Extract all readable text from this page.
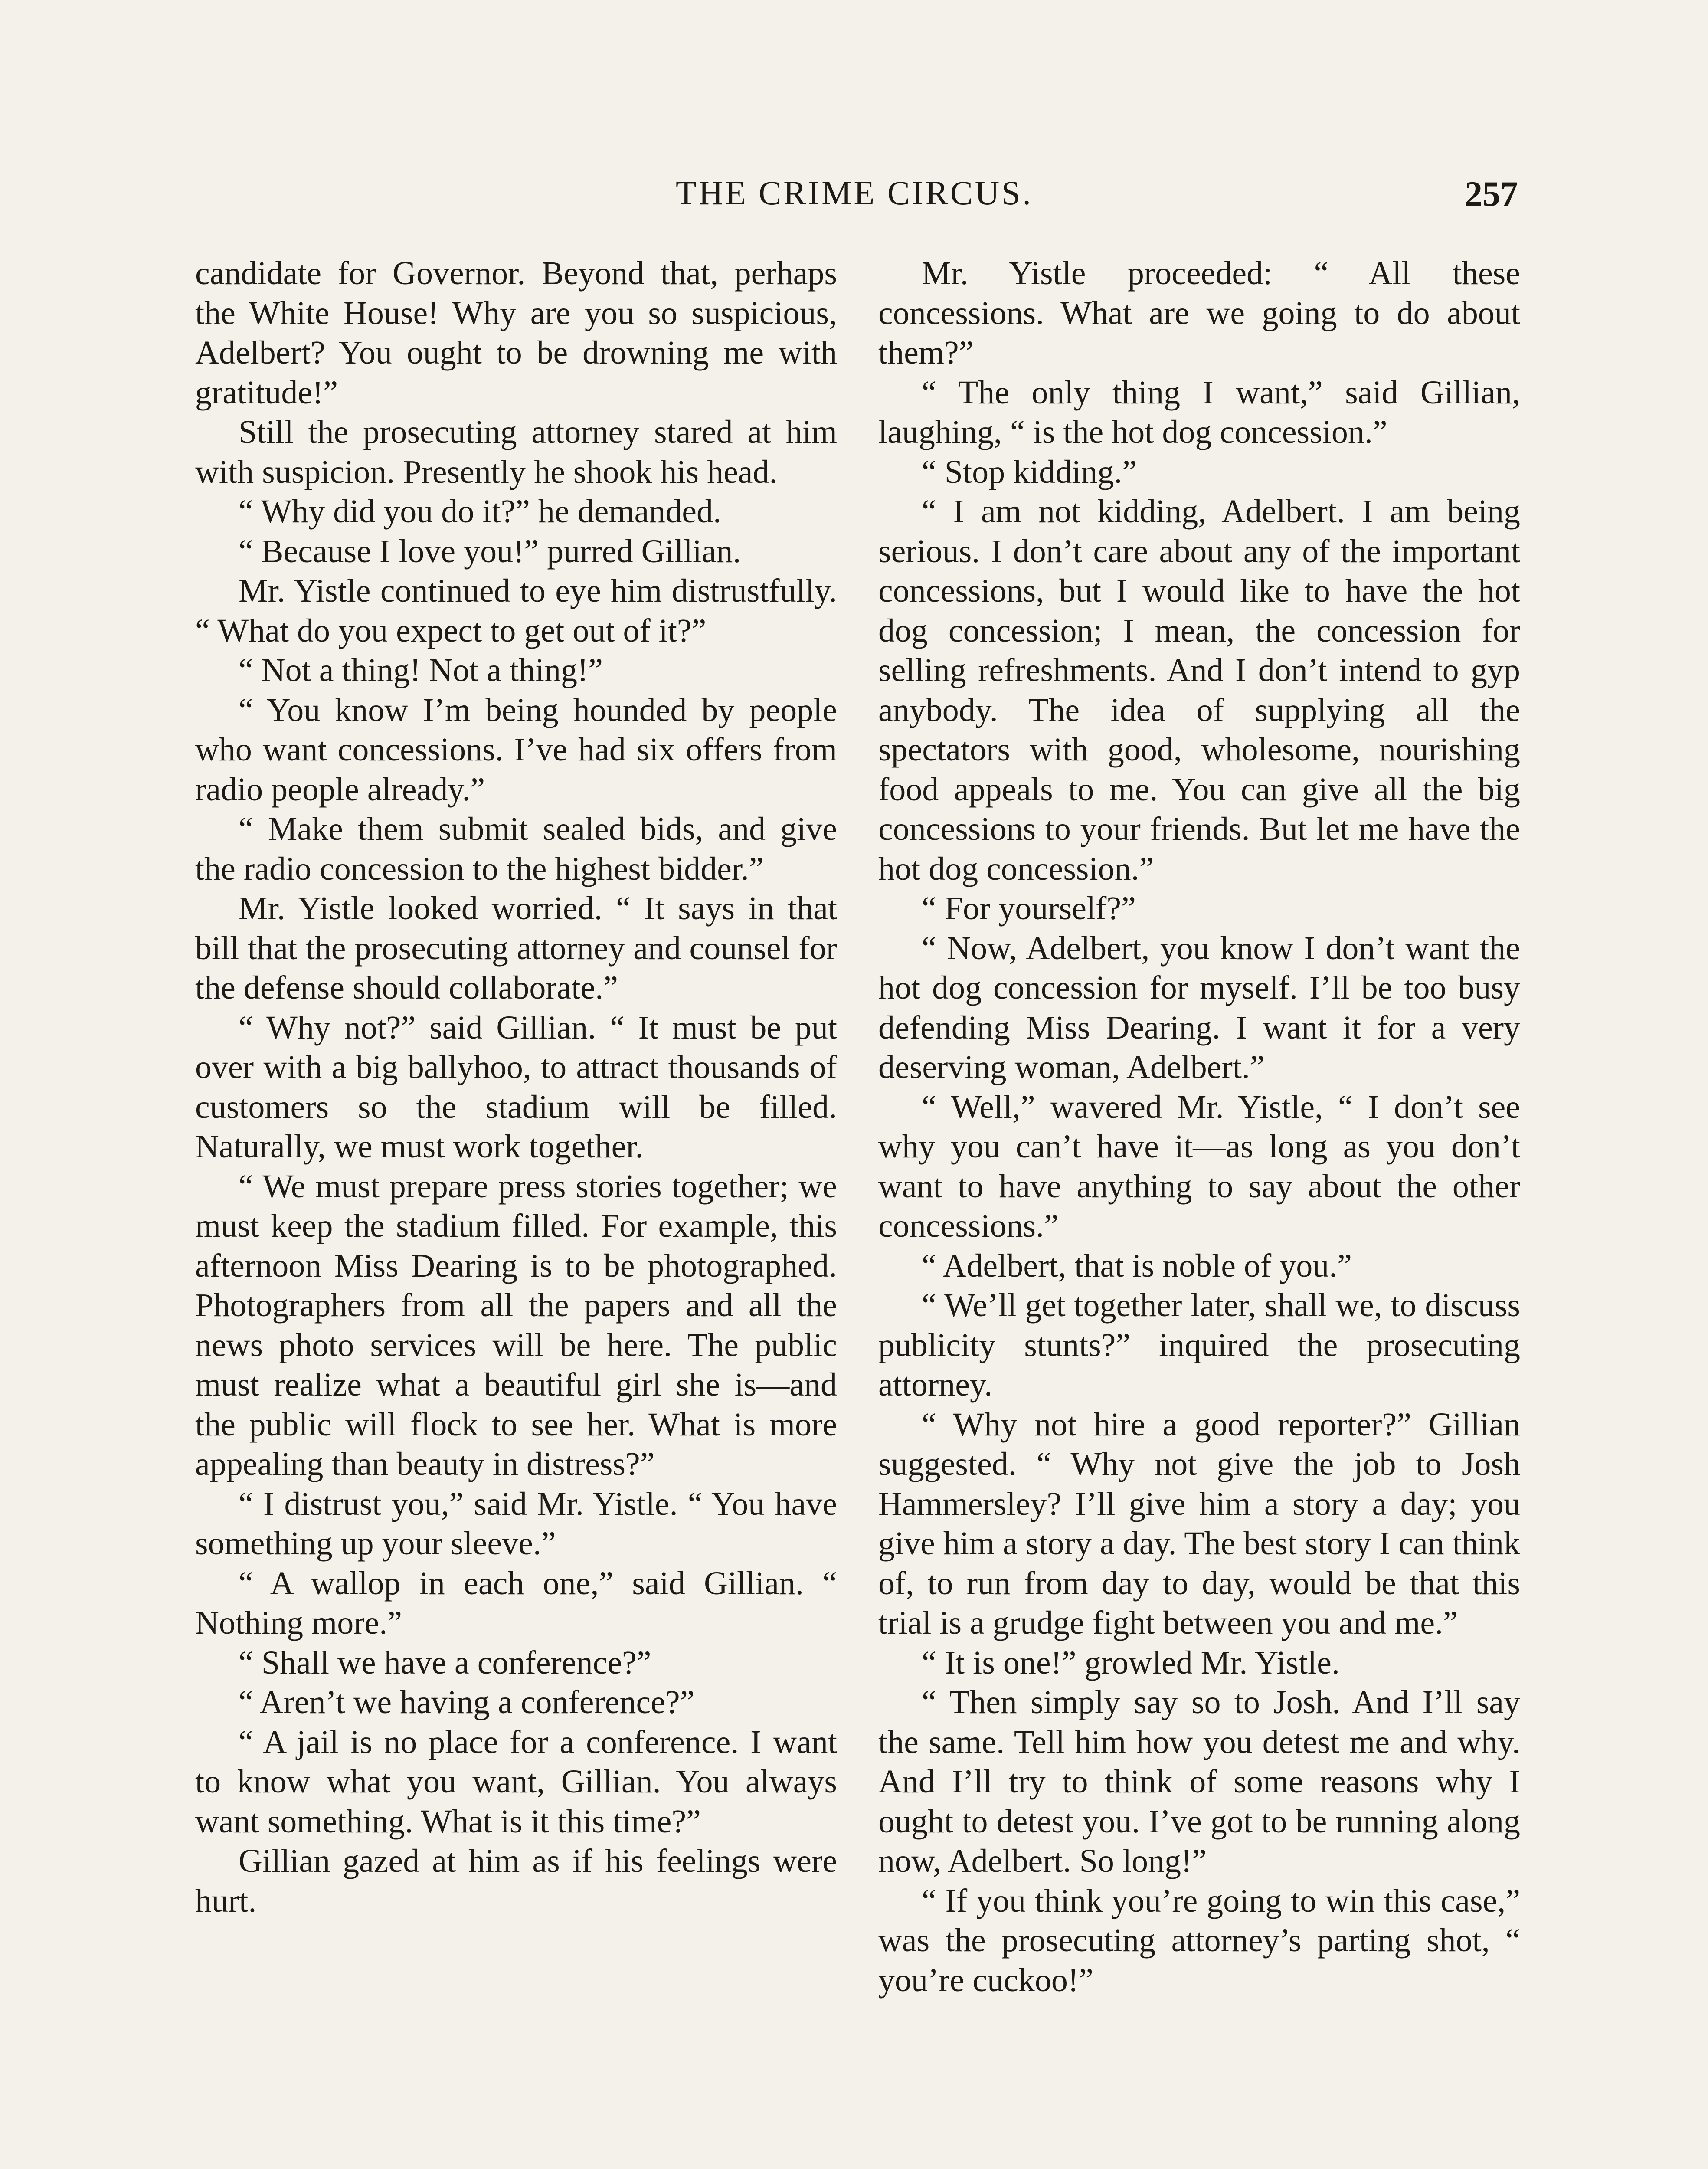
THE CRIME CIRCUS.	257

candidate for Governor. Beyond that, perhaps the White House! Why are you so suspicious, Adelbert? You ought to be drowning me with gratitude!”

Still the prosecuting attorney stared at him with suspicion. Presently he shook his head.

“ Why did you do it?” he demanded.

“ Because I love you!” purred Gillian.

Mr. Yistle continued to eye him distrustfully. “ What do you expect to get out of it?”

“ Not a thing! Not a thing!”

“ You know I’m being hounded by people who want concessions. I’ve had six offers from radio people already.”

“ Make them submit sealed bids, and give the radio concession to the highest bidder.”

Mr. Yistle looked worried. “ It says in that bill that the prosecuting attorney and counsel for the defense should collaborate.”

“ Why not?” said Gillian. “ It must be put over with a big ballyhoo, to attract thousands of customers so the stadium will be filled. Naturally, we must work together.

“ We must prepare press stories together; we must keep the stadium filled. For example, this afternoon Miss Dearing is to be photographed. Photographers from all the papers and all the news photo services will be here. The public must realize what a beautiful girl she is—and the public will flock to see her. What is more appealing than beauty in distress?”

“ I distrust you,” said Mr. Yistle. “ You have something up your sleeve.”

“ A wallop in each one,” said Gillian. “ Nothing more.”

“ Shall we have a conference?”

“ Aren’t we having a conference?”

“ A jail is no place for a conference. I want to know what you want, Gillian. You always want something. What is it this time?”

Gillian gazed at him as if his feelings were hurt.

Mr. Yistle proceeded: “ All these concessions. What are we going to do about them?”

“ The only thing I want,” said Gillian, laughing, “ is the hot dog concession.”

“ Stop kidding.”

“ I am not kidding, Adelbert. I am being serious. I don’t care about any of the important concessions, but I would like to have the hot dog concession; I mean, the concession for selling refreshments. And I don’t intend to gyp anybody. The idea of supplying all the spectators with good, wholesome, nourishing food appeals to me. You can give all the big concessions to your friends. But let me have the hot dog concession.”

“ For yourself?”

“ Now, Adelbert, you know I don’t want the hot dog concession for myself. I’ll be too busy defending Miss Dearing. I want it for a very deserving woman, Adelbert.”

“ Well,” wavered Mr. Yistle, “ I don’t see why you can’t have it—as long as you don’t want to have anything to say about the other concessions.”

“ Adelbert, that is noble of you.”

“ We’ll get together later, shall we, to discuss publicity stunts?” inquired the prosecuting attorney.

“ Why not hire a good reporter?” Gillian suggested. “ Why not give the job to Josh Hammersley? I’ll give him a story a day; you give him a story a day. The best story I can think of, to run from day to day, would be that this trial is a grudge fight between you and me.”

“ It is one!” growled Mr. Yistle.

“ Then simply say so to Josh. And I’ll say the same. Tell him how you detest me and why. And I’ll try to think of some reasons why I ought to detest you. I’ve got to be running along now, Adelbert. So long!”

“ If you think you’re going to win this case,” was the prosecuting attorney’s parting shot, “ you’re cuckoo!”
